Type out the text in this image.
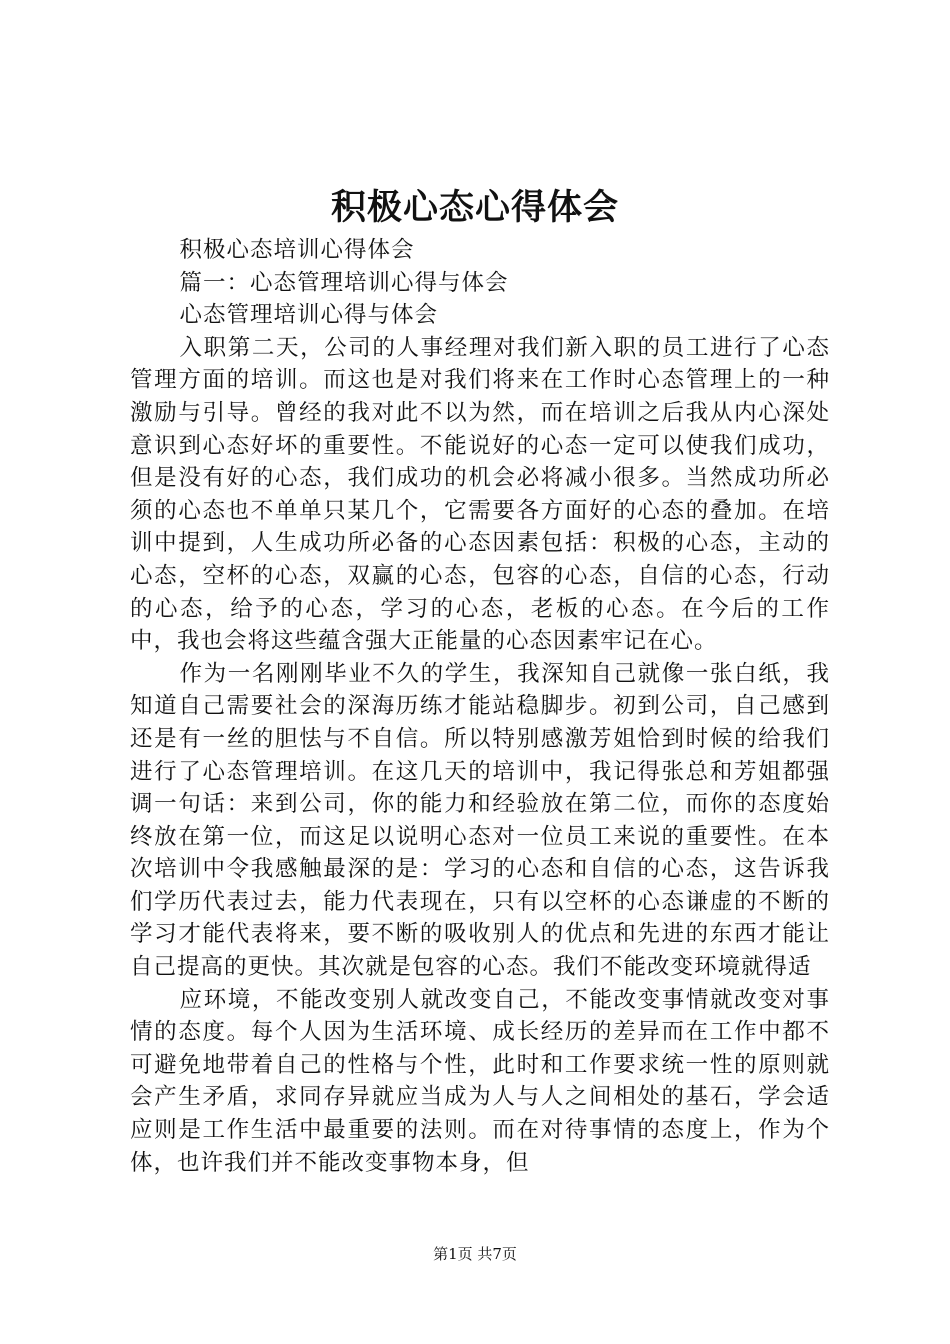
积极心态心得体会

积极心态培训心得体会

篇一：心态管理培训心得与体会

心态管理培训心得与体会

入职第二天，公司的人事经理对我们新入职的员工进行了心态管理方面的培训。而这也是对我们将来在工作时心态管理上的一种激励与引导。曾经的我对此不以为然，而在培训之后我从内心深处意识到心态好坏的重要性。不能说好的心态一定可以使我们成功，但是没有好的心态，我们成功的机会必将减小很多。当然成功所必须的心态也不单单只某几个，它需要各方面好的心态的叠加。在培训中提到，人生成功所必备的心态因素包括：积极的心态，主动的心态，空杯的心态，双赢的心态，包容的心态，自信的心态，行动的心态，给予的心态，学习的心态，老板的心态。在今后的工作中，我也会将这些蕴含强大正能量的心态因素牢记在心。

作为一名刚刚毕业不久的学生，我深知自己就像一张白纸，我知道自己需要社会的深海历练才能站稳脚步。初到公司，自己感到还是有一丝的胆怯与不自信。所以特别感激芳姐恰到时候的给我们进行了心态管理培训。在这几天的培训中，我记得张总和芳姐都强调一句话：来到公司，你的能力和经验放在第二位，而你的态度始终放在第一位，而这足以说明心态对一位员工来说的重要性。在本次培训中令我感触最深的是：学习的心态和自信的心态，这告诉我们学历代表过去，能力代表现在，只有以空杯的心态谦虚的不断的学习才能代表将来，要不断的吸收别人的优点和先进的东西才能让自己提高的更快。其次就是包容的心态。我们不能改变环境就得适

应环境，不能改变别人就改变自己，不能改变事情就改变对事情的态度。每个人因为生活环境、成长经历的差异而在工作中都不可避免地带着自己的性格与个性，此时和工作要求统一性的原则就会产生矛盾，求同存异就应当成为人与人之间相处的基石，学会适应则是工作生活中最重要的法则。而在对待事情的态度上，作为个体，也许我们并不能改变事物本身，但

第1页 共7页
